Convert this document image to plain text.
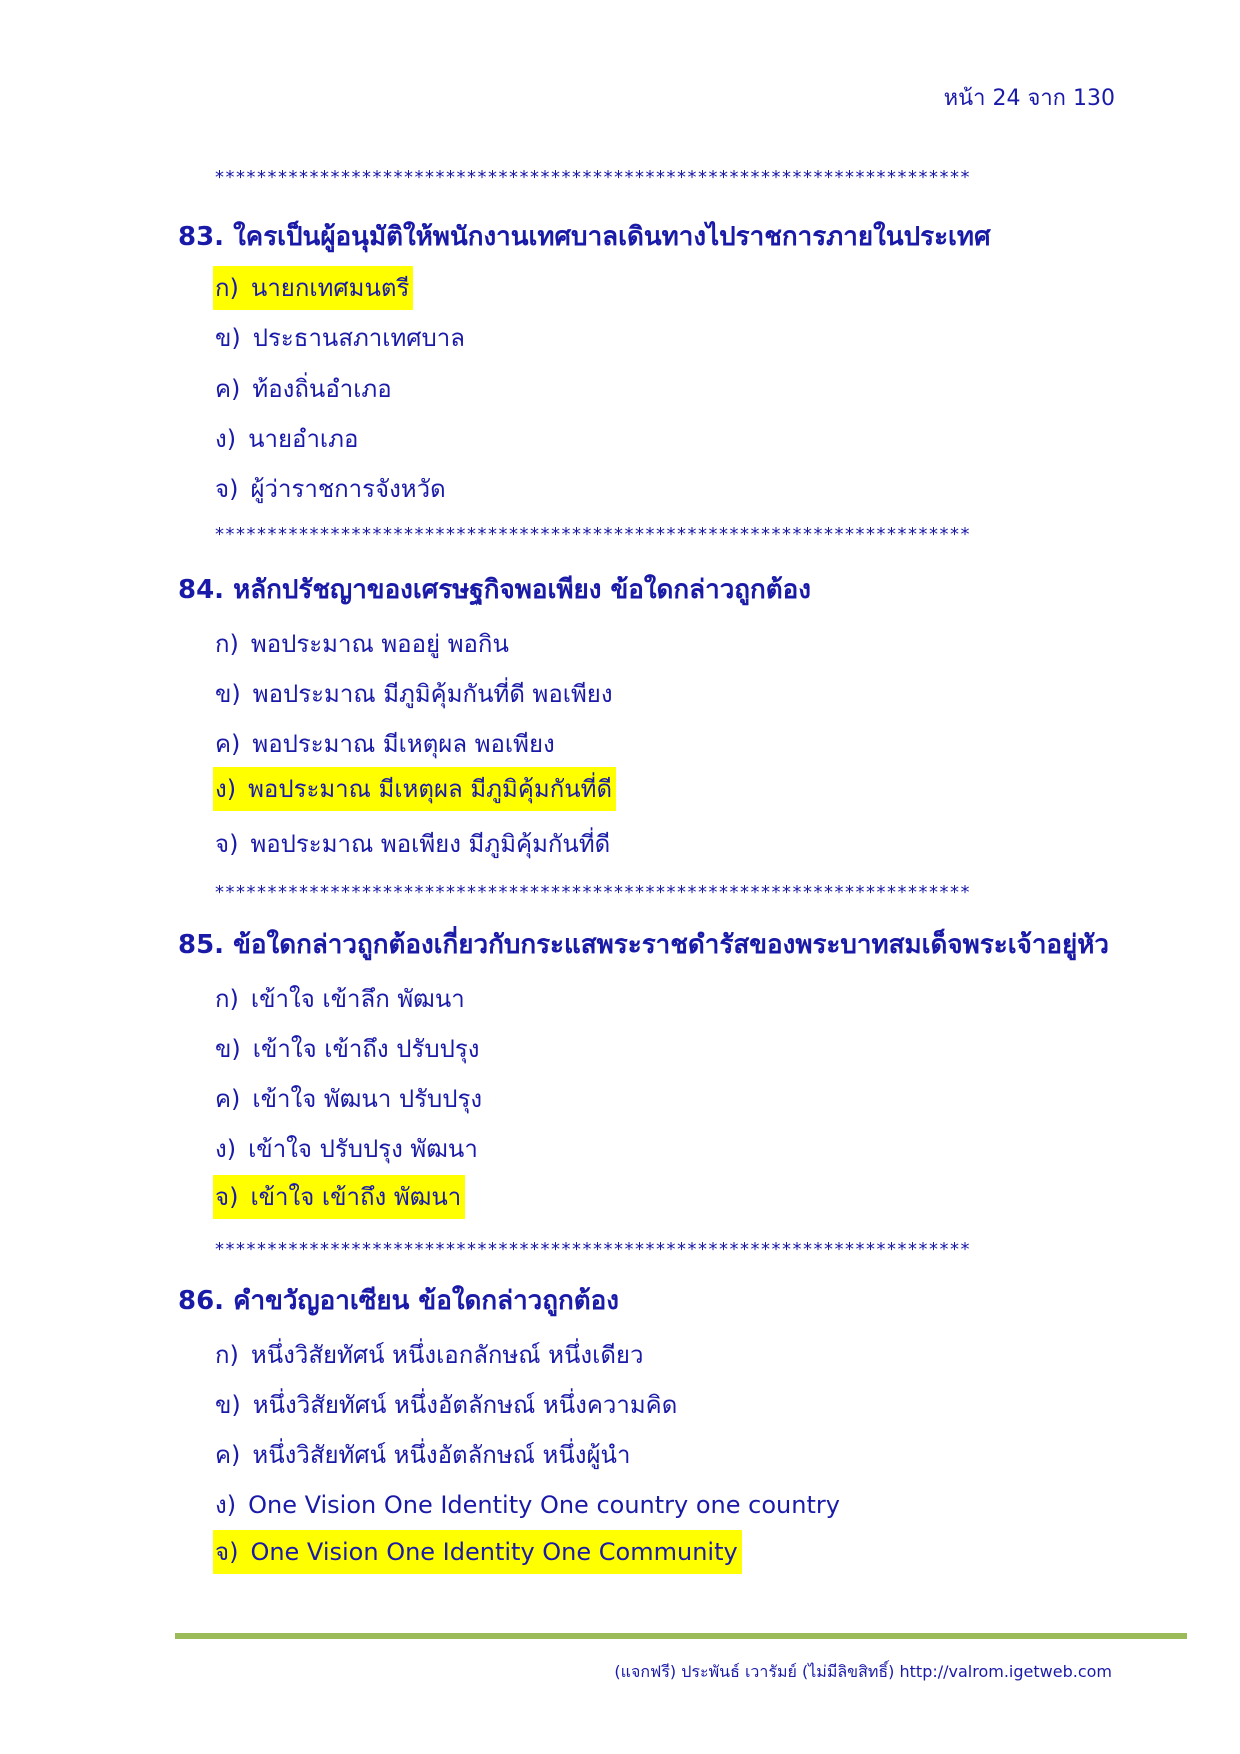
หน้า 24 จาก 130
************************************************************************
************************************************************************
************************************************************************
************************************************************************
83. ใครเป็นผู้อนุมัติให้พนักงานเทศบาลเดินทางไปราชการภายในประเทศ
ก) นายกเทศมนตรี
ข) ประธานสภาเทศบาล
ค) ท้องถิ่นอำเภอ
ง) นายอำเภอ
จ) ผู้ว่าราชการจังหวัด
84. หลักปรัชญาของเศรษฐกิจพอเพียง ข้อใดกล่าวถูกต้อง
ก) พอประมาณ พออยู่ พอกิน
ข) พอประมาณ มีภูมิคุ้มกันที่ดี พอเพียง
ค) พอประมาณ มีเหตุผล พอเพียง
ง) พอประมาณ มีเหตุผล มีภูมิคุ้มกันที่ดี
จ) พอประมาณ พอเพียง มีภูมิคุ้มกันที่ดี
85. ข้อใดกล่าวถูกต้องเกี่ยวกับกระแสพระราชดำรัสของพระบาทสมเด็จพระเจ้าอยู่หัว
ก) เข้าใจ เข้าลึก พัฒนา
ข) เข้าใจ เข้าถึง ปรับปรุง
ค) เข้าใจ พัฒนา ปรับปรุง
ง) เข้าใจ ปรับปรุง พัฒนา
จ) เข้าใจ เข้าถึง พัฒนา
86. คำขวัญอาเซียน ข้อใดกล่าวถูกต้อง
ก) หนึ่งวิสัยทัศน์ หนึ่งเอกลักษณ์ หนึ่งเดียว
ข) หนึ่งวิสัยทัศน์ หนึ่งอัตลักษณ์ หนึ่งความคิด
ค) หนึ่งวิสัยทัศน์ หนึ่งอัตลักษณ์ หนึ่งผู้นำ
ง) One Vision One Identity One country one country
จ) One Vision One Identity One Community
(แจกฟรี) ประพันธ์ เวารัมย์ (ไม่มีลิขสิทธิ์) http://valrom.igetweb.com
